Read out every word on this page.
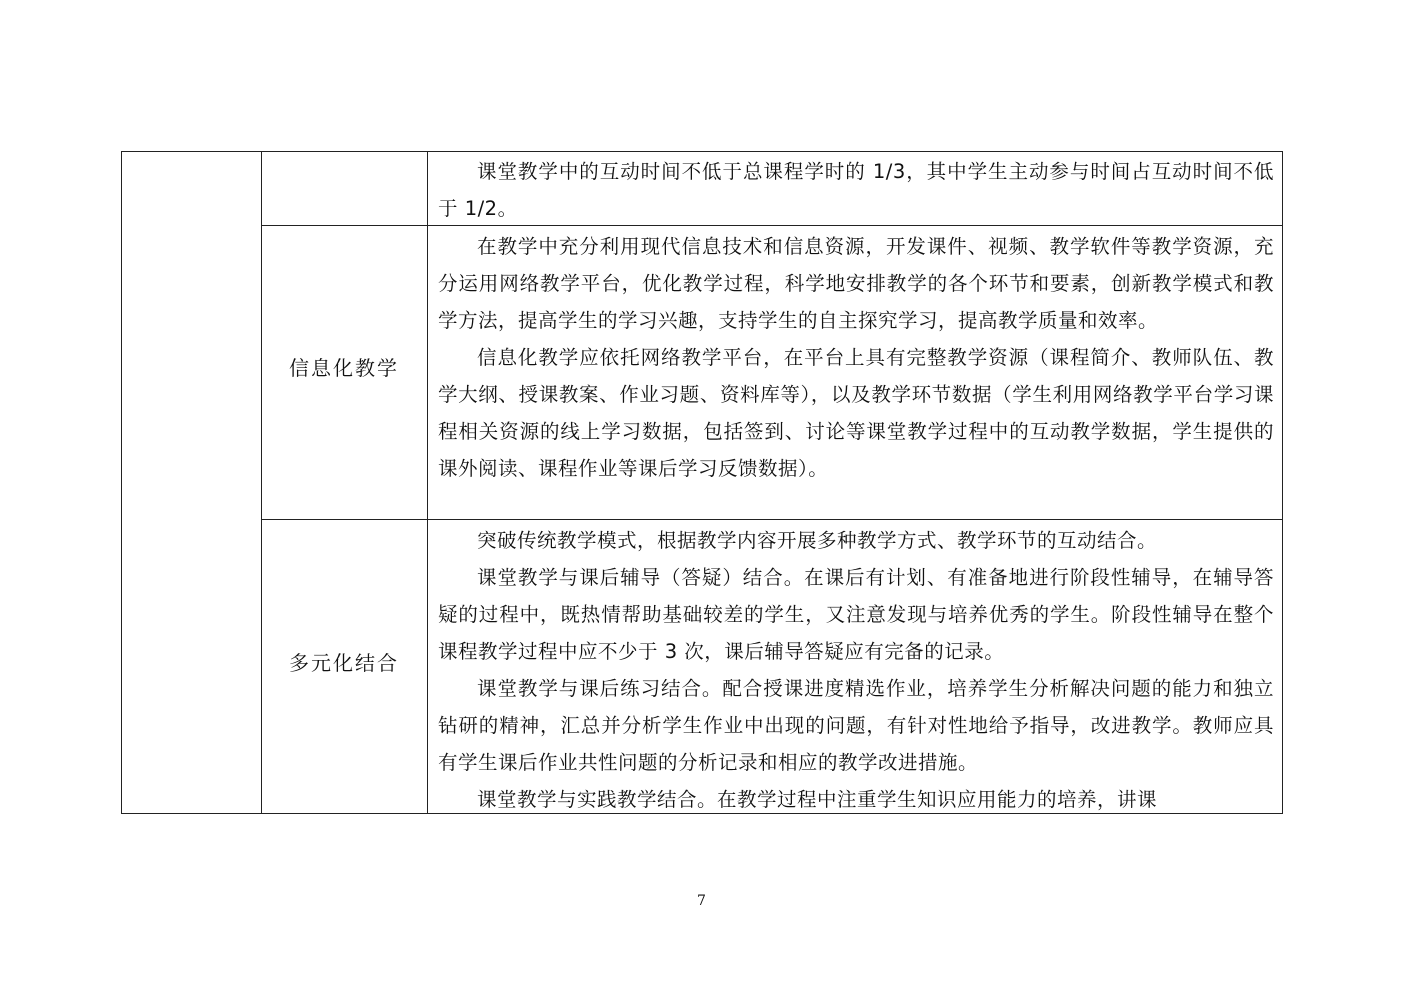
课堂教学中的互动时间不低于总课程学时的 1/3，其中学生主动参与时间占互动时间不低于 1/2。

信息化教学

在教学中充分利用现代信息技术和信息资源，开发课件、视频、教学软件等教学资源，充分运用网络教学平台，优化教学过程，科学地安排教学的各个环节和要素，创新教学模式和教学方法，提高学生的学习兴趣，支持学生的自主探究学习，提高教学质量和效率。

信息化教学应依托网络教学平台，在平台上具有完整教学资源（课程简介、教师队伍、教学大纲、授课教案、作业习题、资料库等），以及教学环节数据（学生利用网络教学平台学习课程相关资源的线上学习数据，包括签到、讨论等课堂教学过程中的互动教学数据，学生提供的课外阅读、课程作业等课后学习反馈数据）。

多元化结合

突破传统教学模式，根据教学内容开展多种教学方式、教学环节的互动结合。

课堂教学与课后辅导（答疑）结合。在课后有计划、有准备地进行阶段性辅导，在辅导答疑的过程中，既热情帮助基础较差的学生，又注意发现与培养优秀的学生。阶段性辅导在整个课程教学过程中应不少于 3 次，课后辅导答疑应有完备的记录。

课堂教学与课后练习结合。配合授课进度精选作业，培养学生分析解决问题的能力和独立钻研的精神，汇总并分析学生作业中出现的问题，有针对性地给予指导，改进教学。教师应具有学生课后作业共性问题的分析记录和相应的教学改进措施。

课堂教学与实践教学结合。在教学过程中注重学生知识应用能力的培养，讲课

7
